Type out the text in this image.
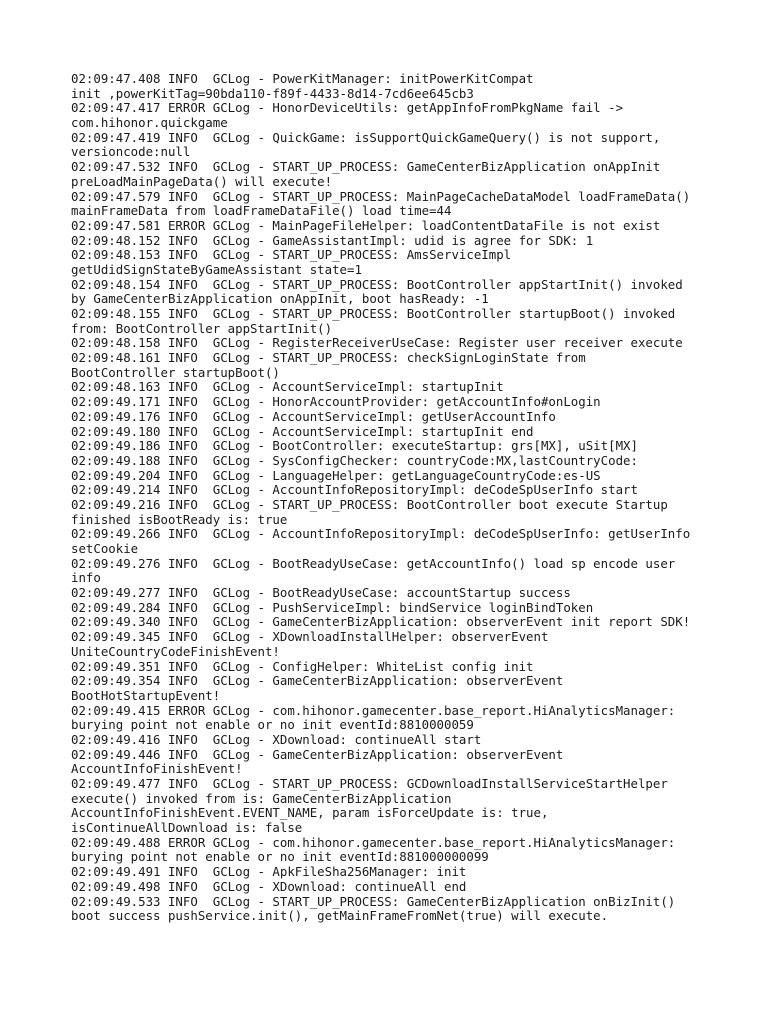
02:09:47.408 INFO  GCLog - PowerKitManager: initPowerKitCompat
init ,powerKitTag=90bda110-f89f-4433-8d14-7cd6ee645cb3
02:09:47.417 ERROR GCLog - HonorDeviceUtils: getAppInfoFromPkgName fail ->
com.hihonor.quickgame
02:09:47.419 INFO  GCLog - QuickGame: isSupportQuickGameQuery() is not support,
versioncode:null
02:09:47.532 INFO  GCLog - START_UP_PROCESS: GameCenterBizApplication onAppInit
preLoadMainPageData() will execute!
02:09:47.579 INFO  GCLog - START_UP_PROCESS: MainPageCacheDataModel loadFrameData()
mainFrameData from loadFrameDataFile() load time=44
02:09:47.581 ERROR GCLog - MainPageFileHelper: loadContentDataFile is not exist
02:09:48.152 INFO  GCLog - GameAssistantImpl: udid is agree for SDK: 1
02:09:48.153 INFO  GCLog - START_UP_PROCESS: AmsServiceImpl
getUdidSignStateByGameAssistant state=1
02:09:48.154 INFO  GCLog - START_UP_PROCESS: BootController appStartInit() invoked
by GameCenterBizApplication onAppInit, boot hasReady: -1
02:09:48.155 INFO  GCLog - START_UP_PROCESS: BootController startupBoot() invoked
from: BootController appStartInit()
02:09:48.158 INFO  GCLog - RegisterReceiverUseCase: Register user receiver execute
02:09:48.161 INFO  GCLog - START_UP_PROCESS: checkSignLoginState from
BootController startupBoot()
02:09:48.163 INFO  GCLog - AccountServiceImpl: startupInit
02:09:49.171 INFO  GCLog - HonorAccountProvider: getAccountInfo#onLogin
02:09:49.176 INFO  GCLog - AccountServiceImpl: getUserAccountInfo
02:09:49.180 INFO  GCLog - AccountServiceImpl: startupInit end
02:09:49.186 INFO  GCLog - BootController: executeStartup: grs[MX], uSit[MX]
02:09:49.188 INFO  GCLog - SysConfigChecker: countryCode:MX,lastCountryCode:
02:09:49.204 INFO  GCLog - LanguageHelper: getLanguageCountryCode:es-US
02:09:49.214 INFO  GCLog - AccountInfoRepositoryImpl: deCodeSpUserInfo start
02:09:49.216 INFO  GCLog - START_UP_PROCESS: BootController boot execute Startup
finished isBootReady is: true
02:09:49.266 INFO  GCLog - AccountInfoRepositoryImpl: deCodeSpUserInfo: getUserInfo
setCookie
02:09:49.276 INFO  GCLog - BootReadyUseCase: getAccountInfo() load sp encode user
info
02:09:49.277 INFO  GCLog - BootReadyUseCase: accountStartup success
02:09:49.284 INFO  GCLog - PushServiceImpl: bindService loginBindToken
02:09:49.340 INFO  GCLog - GameCenterBizApplication: observerEvent init report SDK!
02:09:49.345 INFO  GCLog - XDownloadInstallHelper: observerEvent
UniteCountryCodeFinishEvent!
02:09:49.351 INFO  GCLog - ConfigHelper: WhiteList config init
02:09:49.354 INFO  GCLog - GameCenterBizApplication: observerEvent
BootHotStartupEvent!
02:09:49.415 ERROR GCLog - com.hihonor.gamecenter.base_report.HiAnalyticsManager:
burying point not enable or no init eventId:8810000059
02:09:49.416 INFO  GCLog - XDownload: continueAll start
02:09:49.446 INFO  GCLog - GameCenterBizApplication: observerEvent
AccountInfoFinishEvent!
02:09:49.477 INFO  GCLog - START_UP_PROCESS: GCDownloadInstallServiceStartHelper
execute() invoked from is: GameCenterBizApplication
AccountInfoFinishEvent.EVENT_NAME, param isForceUpdate is: true,
isContinueAllDownload is: false
02:09:49.488 ERROR GCLog - com.hihonor.gamecenter.base_report.HiAnalyticsManager:
burying point not enable or no init eventId:881000000099
02:09:49.491 INFO  GCLog - ApkFileSha256Manager: init
02:09:49.498 INFO  GCLog - XDownload: continueAll end
02:09:49.533 INFO  GCLog - START_UP_PROCESS: GameCenterBizApplication onBizInit()
boot success pushService.init(), getMainFrameFromNet(true) will execute.
